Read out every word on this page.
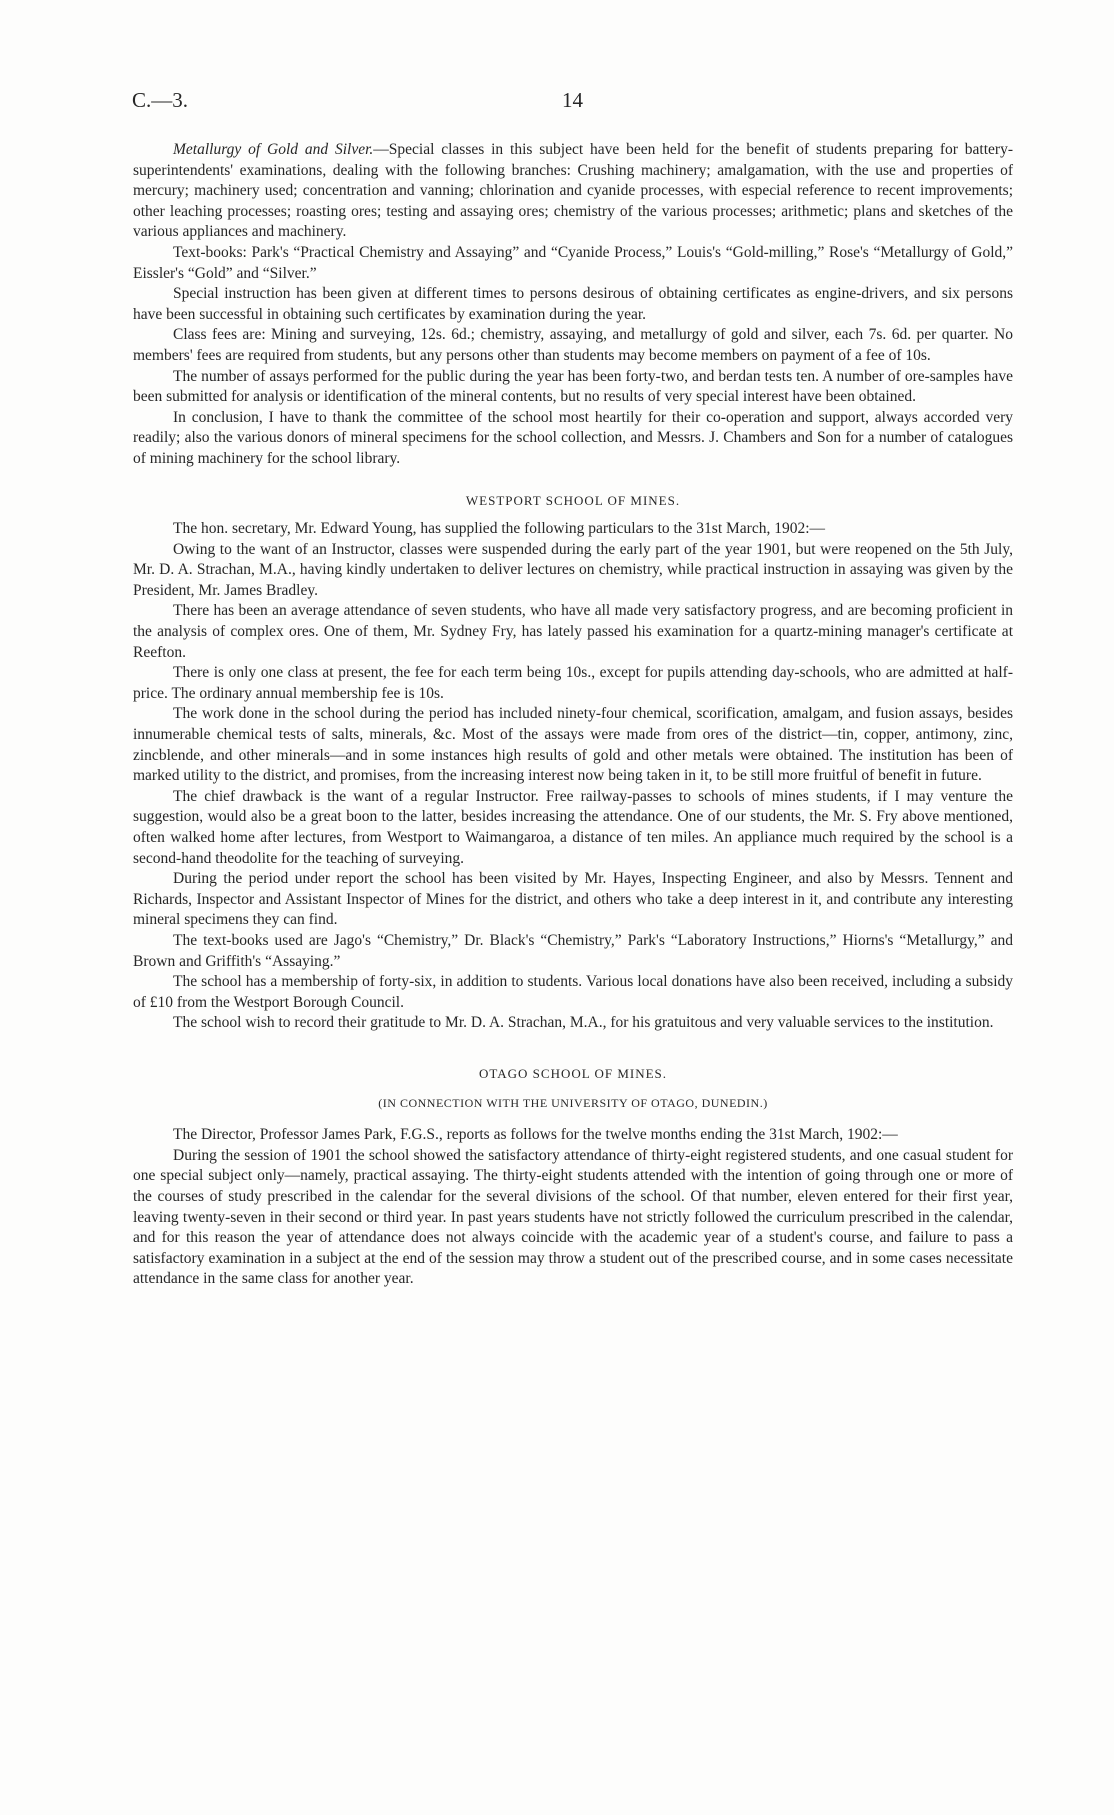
C.—3.	14

Metallurgy of Gold and Silver.—Special classes in this subject have been held for the benefit of students preparing for battery-superintendents' examinations, dealing with the following branches: Crushing machinery; amalgamation, with the use and properties of mercury; machinery used; concentration and vanning; chlorination and cyanide processes, with especial reference to recent improvements; other leaching processes; roasting ores; testing and assaying ores; chemistry of the various processes; arithmetic; plans and sketches of the various appliances and machinery.

Text-books: Park's “Practical Chemistry and Assaying” and “Cyanide Process,” Louis's “Gold-milling,” Rose's “Metallurgy of Gold,” Eissler's “Gold” and “Silver.”

Special instruction has been given at different times to persons desirous of obtaining certificates as engine-drivers, and six persons have been successful in obtaining such certificates by examination during the year.

Class fees are: Mining and surveying, 12s. 6d.; chemistry, assaying, and metallurgy of gold and silver, each 7s. 6d. per quarter. No members' fees are required from students, but any persons other than students may become members on payment of a fee of 10s.

The number of assays performed for the public during the year has been forty-two, and berdan tests ten. A number of ore-samples have been submitted for analysis or identification of the mineral contents, but no results of very special interest have been obtained.

In conclusion, I have to thank the committee of the school most heartily for their co-operation and support, always accorded very readily; also the various donors of mineral specimens for the school collection, and Messrs. J. Chambers and Son for a number of catalogues of mining machinery for the school library.

WESTPORT SCHOOL OF MINES.

The hon. secretary, Mr. Edward Young, has supplied the following particulars to the 31st March, 1902:—

Owing to the want of an Instructor, classes were suspended during the early part of the year 1901, but were reopened on the 5th July, Mr. D. A. Strachan, M.A., having kindly undertaken to deliver lectures on chemistry, while practical instruction in assaying was given by the President, Mr. James Bradley.

There has been an average attendance of seven students, who have all made very satisfactory progress, and are becoming proficient in the analysis of complex ores. One of them, Mr. Sydney Fry, has lately passed his examination for a quartz-mining manager's certificate at Reefton.

There is only one class at present, the fee for each term being 10s., except for pupils attending day-schools, who are admitted at half-price. The ordinary annual membership fee is 10s.

The work done in the school during the period has included ninety-four chemical, scorification, amalgam, and fusion assays, besides innumerable chemical tests of salts, minerals, &c. Most of the assays were made from ores of the district—tin, copper, antimony, zinc, zincblende, and other minerals—and in some instances high results of gold and other metals were obtained. The institution has been of marked utility to the district, and promises, from the increasing interest now being taken in it, to be still more fruitful of benefit in future.

The chief drawback is the want of a regular Instructor. Free railway-passes to schools of mines students, if I may venture the suggestion, would also be a great boon to the latter, besides increasing the attendance. One of our students, the Mr. S. Fry above mentioned, often walked home after lectures, from Westport to Waimangaroa, a distance of ten miles. An appliance much required by the school is a second-hand theodolite for the teaching of surveying.

During the period under report the school has been visited by Mr. Hayes, Inspecting Engineer, and also by Messrs. Tennent and Richards, Inspector and Assistant Inspector of Mines for the district, and others who take a deep interest in it, and contribute any interesting mineral specimens they can find.

The text-books used are Jago's “Chemistry,” Dr. Black's “Chemistry,” Park's “Laboratory Instructions,” Hiorns's “Metallurgy,” and Brown and Griffith's “Assaying.”

The school has a membership of forty-six, in addition to students. Various local donations have also been received, including a subsidy of £10 from the Westport Borough Council.

The school wish to record their gratitude to Mr. D. A. Strachan, M.A., for his gratuitous and very valuable services to the institution.

OTAGO SCHOOL OF MINES.
(IN CONNECTION WITH THE UNIVERSITY OF OTAGO, DUNEDIN.)

The Director, Professor James Park, F.G.S., reports as follows for the twelve months ending the 31st March, 1902:—

During the session of 1901 the school showed the satisfactory attendance of thirty-eight registered students, and one casual student for one special subject only—namely, practical assaying. The thirty-eight students attended with the intention of going through one or more of the courses of study prescribed in the calendar for the several divisions of the school. Of that number, eleven entered for their first year, leaving twenty-seven in their second or third year. In past years students have not strictly followed the curriculum prescribed in the calendar, and for this reason the year of attendance does not always coincide with the academic year of a student's course, and failure to pass a satisfactory examination in a subject at the end of the session may throw a student out of the prescribed course, and in some cases necessitate attendance in the same class for another year.
